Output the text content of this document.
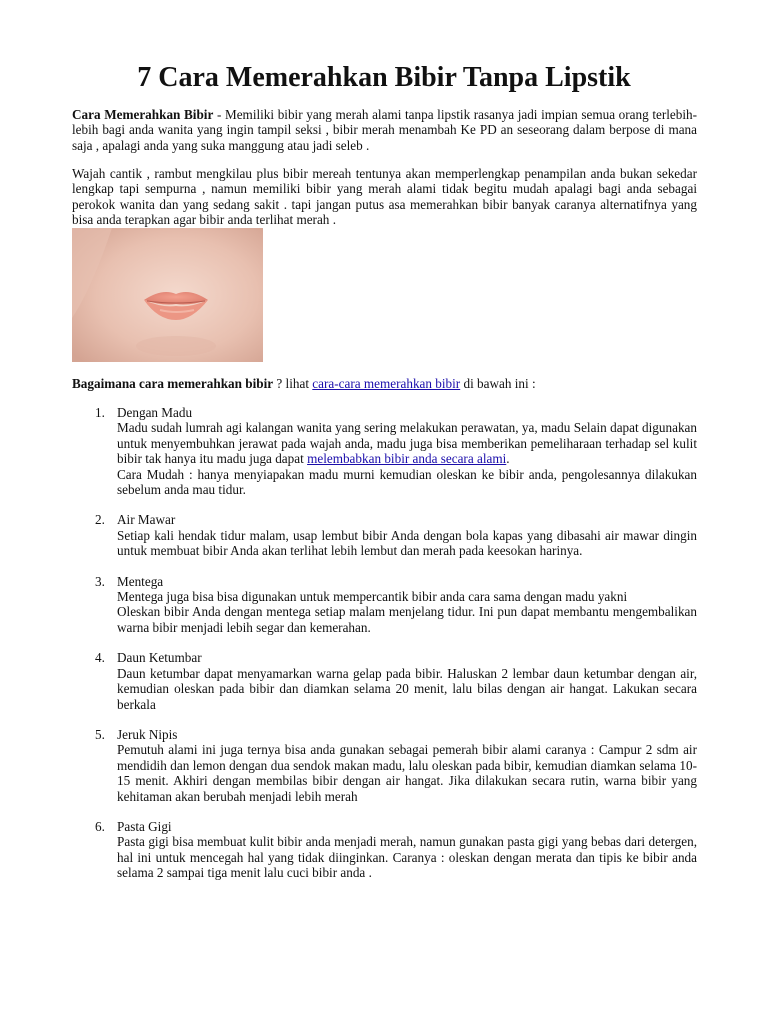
7 Cara Memerahkan Bibir Tanpa Lipstik

Cara Memerahkan Bibir - Memiliki bibir yang merah alami tanpa lipstik rasanya jadi impian semua orang terlebih-lebih bagi anda wanita yang ingin tampil seksi , bibir merah menambah Ke PD an seseorang dalam berpose di mana saja , apalagi anda yang suka manggung atau jadi seleb .

Wajah cantik , rambut mengkilau plus bibir mereah tentunya akan memperlengkap penampilan anda bukan sekedar lengkap tapi sempurna , namun memiliki bibir yang merah alami tidak begitu mudah apalagi bagi anda sebagai perokok wanita dan yang sedang sakit . tapi jangan putus asa memerahkan bibir banyak caranya alternatifnya yang bisa anda terapkan agar bibir anda terlihat merah .

Bagaimana cara memerahkan bibir ? lihat cara-cara memerahkan bibir di bawah ini :

1. Dengan Madu
Madu sudah lumrah agi kalangan wanita yang sering melakukan perawatan, ya, madu Selain dapat digunakan untuk menyembuhkan jerawat pada wajah anda, madu juga bisa memberikan pemeliharaan terhadap sel kulit bibir tak hanya itu madu juga dapat melembabkan bibir anda secara alami.
Cara Mudah : hanya menyiapakan madu murni kemudian oleskan ke bibir anda, pengolesannya dilakukan sebelum anda mau tidur.
2. Air Mawar
Setiap kali hendak tidur malam, usap lembut bibir Anda dengan bola kapas yang dibasahi air mawar dingin untuk membuat bibir Anda akan terlihat lebih lembut dan merah pada keesokan harinya.
3. Mentega
Mentega juga bisa bisa digunakan untuk mempercantik bibir anda cara sama dengan madu yakni
Oleskan bibir Anda dengan mentega setiap malam menjelang tidur. Ini pun dapat membantu mengembalikan warna bibir menjadi lebih segar dan kemerahan.
4. Daun Ketumbar
Daun ketumbar dapat menyamarkan warna gelap pada bibir. Haluskan 2 lembar daun ketumbar dengan air, kemudian oleskan pada bibir dan diamkan selama 20 menit, lalu bilas dengan air hangat. Lakukan secara berkala
5. Jeruk Nipis
Pemutuh alami ini juga ternya bisa anda gunakan sebagai pemerah bibir alami caranya : Campur 2 sdm air mendidih dan lemon dengan dua sendok makan madu, lalu oleskan pada bibir, kemudian diamkan selama 10-15 menit. Akhiri dengan membilas bibir dengan air hangat. Jika dilakukan secara rutin, warna bibir yang kehitaman akan berubah menjadi lebih merah
6. Pasta Gigi
Pasta gigi bisa membuat kulit bibir anda menjadi merah, namun gunakan pasta gigi yang bebas dari detergen, hal ini untuk mencegah hal yang tidak diinginkan. Caranya : oleskan dengan merata dan tipis ke bibir anda selama 2 sampai tiga menit lalu cuci bibir anda .
